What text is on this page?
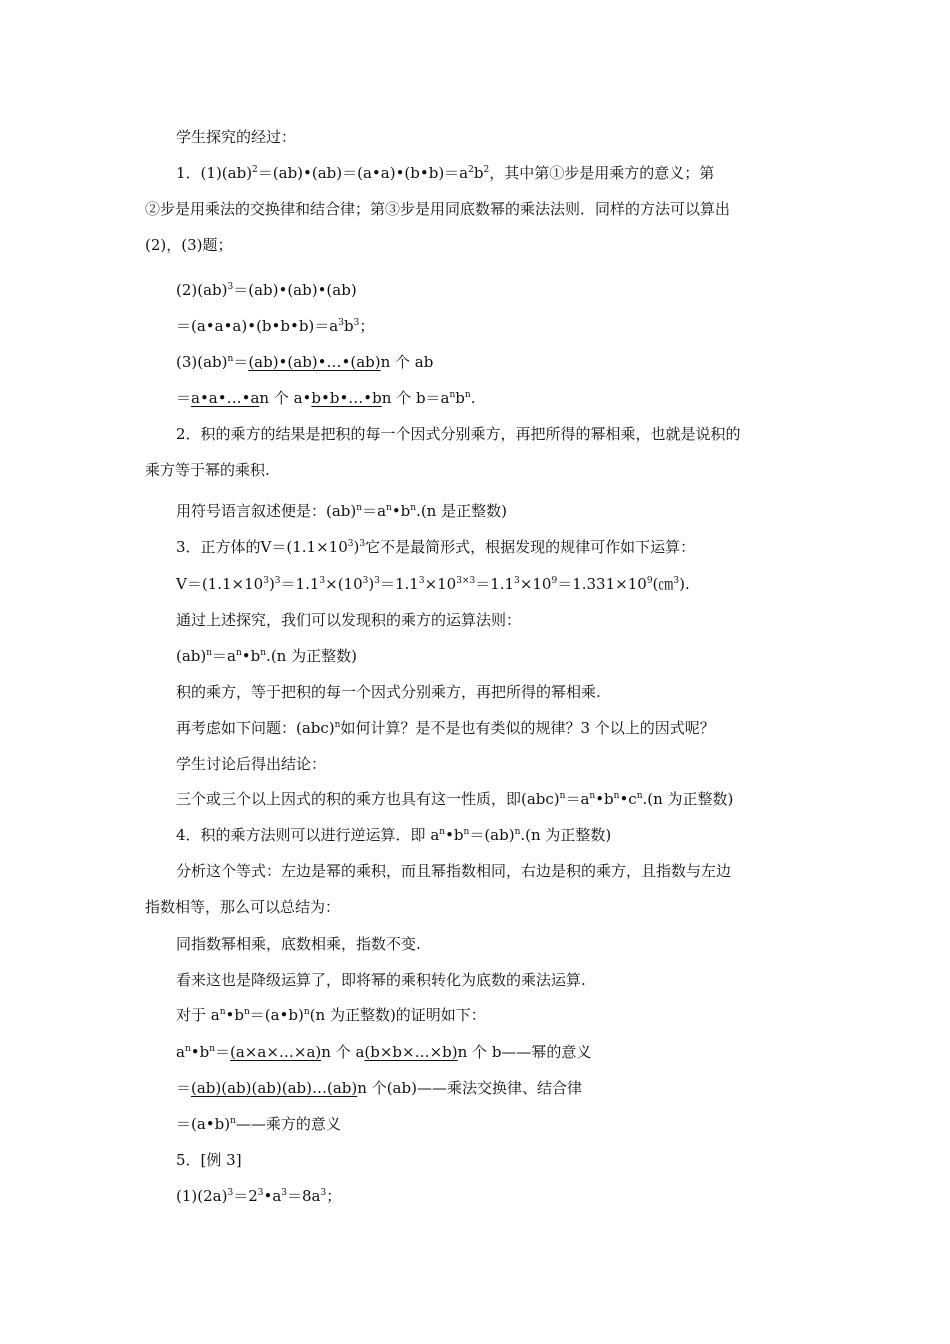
学生探究的经过：
1．$(1)(ab)^2=(ab)•(ab)=(a•a)•(b•b)=a^2b^2$，其中第①步是用乘方的意义；第
②步是用乘法的交换律和结合律；第③步是用同底数幂的乘法法则．同样的方法可以算出
(2)，(3)题；
(2)(ab)$^3$＝(ab)•(ab)•(ab)
$=(a•a•a)•(b•b•b)=a^3b^3$；
(3)(ab)$^n$＝(ab)•(ab)•…•(ab)n 个 ab
＝a•a•…•an 个 a•b•b•…•bn 个 $b=a^nb^n$.
2．积的乘方的结果是把积的每一个因式分别乘方，再把所得的幂相乘，也就是说积的
乘方等于幂的乘积.
用符号语言叙述便是：$(ab)^n=a^n•b^n.(n$ 是正整数)
3．正方体的$V=(1.1\times 10^3)^3$它不是最简形式，根据发现的规律可作如下运算：
$V=(1.1\times 10^3)^3=1.1^3\times(10^3)^3=1.1^3\times 10^{3\times 3}=1.1^3\times 10^9=1.331\times 10^9(㎝^3)$.
通过上述探究，我们可以发现积的乘方的运算法则：
$(ab)^n=a^n•b^n.(n$ 为正整数)
积的乘方，等于把积的每一个因式分别乘方，再把所得的幂相乘.
再考虑如下问题：(abc)$^n$如何计算？是不是也有类似的规律？3 个以上的因式呢？
学生讨论后得出结论：
三个或三个以上因式的积的乘方也具有这一性质，即$(abc)^n=a^n•b^n•c^n.(n$ 为正整数)
4．积的乘方法则可以进行逆运算．即 $a^n•b^n=(ab)^n.(n$ 为正整数)
分析这个等式：左边是幂的乘积，而且幂指数相同，右边是积的乘方，且指数与左边
指数相等，那么可以总结为：
同指数幂相乘，底数相乘，指数不变.
看来这也是降级运算了，即将幂的乘积转化为底数的乘法运算.
对于 $a^n•b^n=(a•b)^n(n$ 为正整数)的证明如下：
$a^n•b^n=(a\times a\times\dots\times a)n$ 个 a(b×b×…×b)n 个 b——幂的意义
＝(ab)(ab)(ab)(ab)…(ab)n 个(ab)——乘法交换律、结合律
＝(a•b)$^n$——乘方的意义
5．[例 3]
$(1)(2a)^3=2^3•a^3=8a^3$；
